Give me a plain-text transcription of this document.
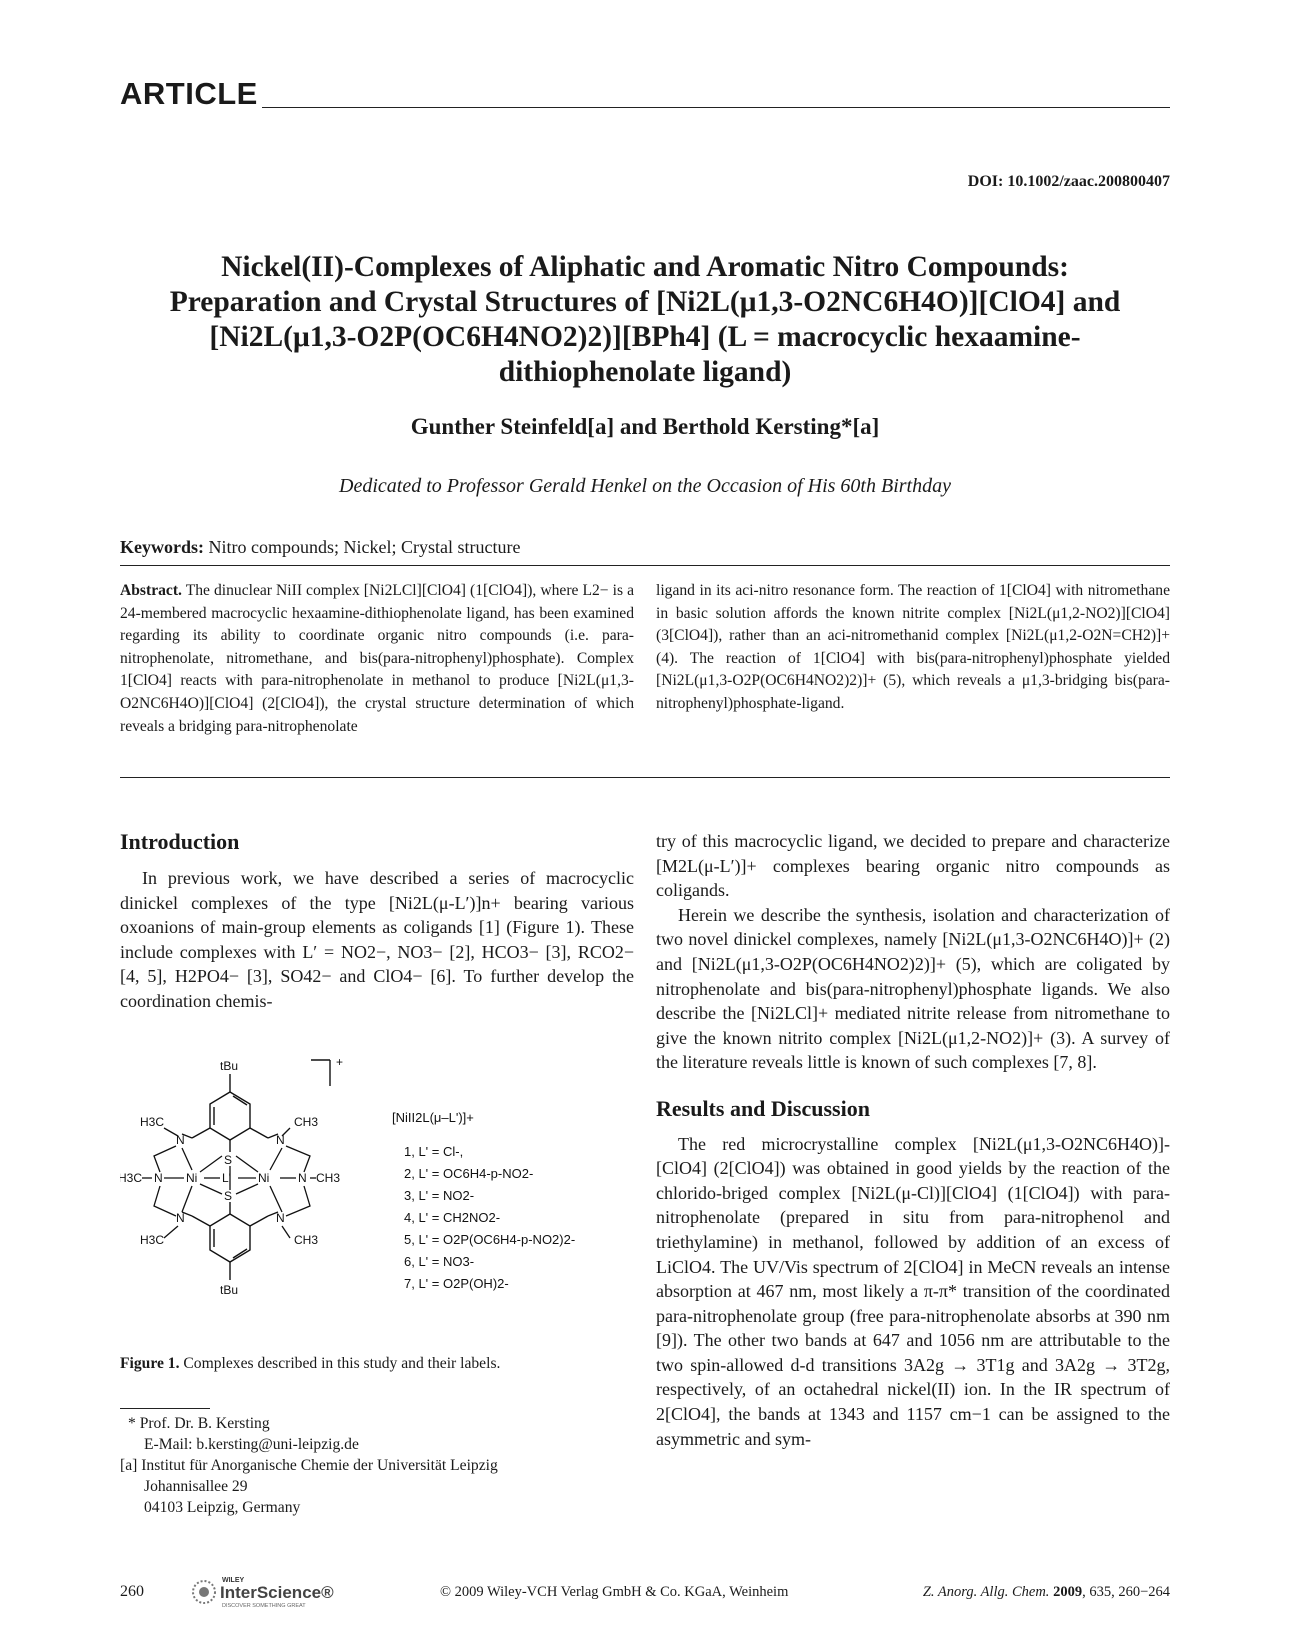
ARTICLE
DOI: 10.1002/zaac.200800407
Nickel(II)-Complexes of Aliphatic and Aromatic Nitro Compounds:
Preparation and Crystal Structures of [Ni2L(μ1,3-O2NC6H4O)][ClO4] and
[Ni2L(μ1,3-O2P(OC6H4NO2)2)][BPh4] (L = macrocyclic hexaamine-
dithiophenolate ligand)
Gunther Steinfeld[a] and Berthold Kersting*[a]
Dedicated to Professor Gerald Henkel on the Occasion of His 60th Birthday
Keywords: Nitro compounds; Nickel; Crystal structure
Abstract. The dinuclear NiII complex [Ni2LCl][ClO4] (1[ClO4]), where L2− is a 24-membered macrocyclic hexaamine-dithiophenolate ligand, has been examined regarding its ability to coordinate organic nitro compounds (i.e. para-nitrophenolate, nitromethane, and bis(para-nitrophenyl)phosphate). Complex 1[ClO4] reacts with para-nitrophenolate in methanol to produce [Ni2L(μ1,3-O2NC6H4O)][ClO4] (2[ClO4]), the crystal structure determination of which reveals a bridging para-nitrophenolate
ligand in its aci-nitro resonance form. The reaction of 1[ClO4] with nitromethane in basic solution affords the known nitrite complex [Ni2L(μ1,2-NO2)][ClO4] (3[ClO4]), rather than an aci-nitromethanid complex [Ni2L(μ1,2-O2N=CH2)]+ (4). The reaction of 1[ClO4] with bis(para-nitrophenyl)phosphate yielded [Ni2L(μ1,3-O2P(OC6H4NO2)2)]+ (5), which reveals a μ1,3-bridging bis(para-nitrophenyl)phosphate-ligand.
Introduction

In previous work, we have described a series of macrocyclic dinickel complexes of the type [Ni2L(μ-L′)]n+ bearing various oxoanions of main-group elements as coligands [1] (Figure 1). These include complexes with L′ = NO2−, NO3− [2], HCO3− [3], RCO2− [4, 5], H2PO4− [3], SO42− and ClO4− [6]. To further develop the coordination chemis-

+
tBu
tBu
S
S
Ni	Ni
L'
N	N
N	N
N	N
H3C	CH3
H3C	CH3
H3C	CH3
[NiII2L(μ–L')]+
1, L' = Cl-,
2, L' = OC6H4-p-NO2-
3, L' = NO2-
4, L' = CH2NO2-
5, L' = O2P(OC6H4-p-NO2)2-
6, L' = NO3-
7, L' = O2P(OH)2-
Figure 1. Complexes described in this study and their labels.
* Prof. Dr. B. Kersting
E-Mail: b.kersting@uni-leipzig.de
[a] Institut für Anorganische Chemie der Universität Leipzig
Johannisallee 29
04103 Leipzig, Germany

try of this macrocyclic ligand, we decided to prepare and characterize [M2L(μ-L′)]+ complexes bearing organic nitro compounds as coligands.

Herein we describe the synthesis, isolation and characterization of two novel dinickel complexes, namely [Ni2L(μ1,3-O2NC6H4O)]+ (2) and [Ni2L(μ1,3-O2P(OC6H4NO2)2)]+ (5), which are coligated by nitrophenolate and bis(para-nitrophenyl)phosphate ligands. We also describe the [Ni2LCl]+ mediated nitrite release from nitromethane to give the known nitrito complex [Ni2L(μ1,2-NO2)]+ (3). A survey of the literature reveals little is known of such complexes [7, 8].

Results and Discussion

The red microcrystalline complex [Ni2L(μ1,3-O2NC6H4O)]-[ClO4] (2[ClO4]) was obtained in good yields by the reaction of the chlorido-briged complex [Ni2L(μ-Cl)][ClO4] (1[ClO4]) with para-nitrophenolate (prepared in situ from para-nitrophenol and triethylamine) in methanol, followed by addition of an excess of LiClO4. The UV/Vis spectrum of 2[ClO4] in MeCN reveals an intense absorption at 467 nm, most likely a π-π* transition of the coordinated para-nitrophenolate group (free para-nitrophenolate absorbs at 390 nm [9]). The other two bands at 647 and 1056 nm are attributable to the two spin-allowed d-d transitions 3A2g → 3T1g and 3A2g → 3T2g, respectively, of an octahedral nickel(II) ion. In the IR spectrum of 2[ClO4], the bands at 1343 and 1157 cm−1 can be assigned to the asymmetric and sym-

260
WILEY
InterScience®
DISCOVER SOMETHING GREAT
© 2009 Wiley-VCH Verlag GmbH & Co. KGaA, Weinheim	Z. Anorg. Allg. Chem. 2009, 635, 260−264
